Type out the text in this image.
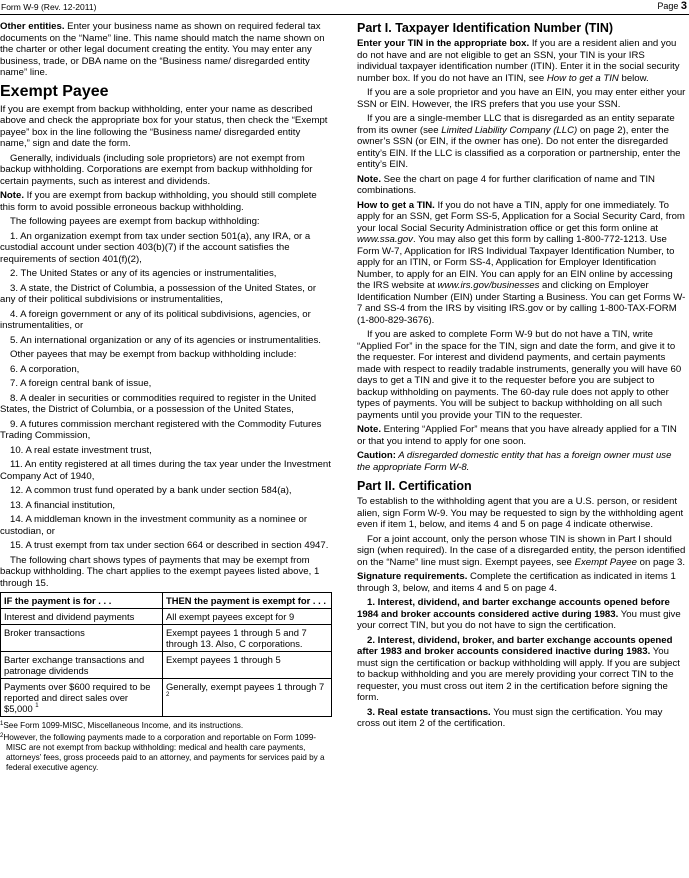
Form W-9 (Rev. 12-2011)	Page 3

Other entities. Enter your business name as shown on required federal tax documents on the “Name” line. This name should match the name shown on the charter or other legal document creating the entity. You may enter any business, trade, or DBA name on the “Business name/ disregarded entity name” line.

Exempt Payee

If you are exempt from backup withholding, enter your name as described above and check the appropriate box for your status, then check the “Exempt payee” box in the line following the “Business name/ disregarded entity name,” sign and date the form.

Generally, individuals (including sole proprietors) are not exempt from backup withholding. Corporations are exempt from backup withholding for certain payments, such as interest and dividends.

Note. If you are exempt from backup withholding, you should still complete this form to avoid possible erroneous backup withholding.

The following payees are exempt from backup withholding:

1. An organization exempt from tax under section 501(a), any IRA, or a custodial account under section 403(b)(7) if the account satisfies the requirements of section 401(f)(2),

2. The United States or any of its agencies or instrumentalities,

3. A state, the District of Columbia, a possession of the United States, or any of their political subdivisions or instrumentalities,

4. A foreign government or any of its political subdivisions, agencies, or instrumentalities, or

5. An international organization or any of its agencies or instrumentalities.

Other payees that may be exempt from backup withholding include:

6. A corporation,

7. A foreign central bank of issue,

8. A dealer in securities or commodities required to register in the United States, the District of Columbia, or a possession of the United States,

9. A futures commission merchant registered with the Commodity Futures Trading Commission,

10. A real estate investment trust,

11. An entity registered at all times during the tax year under the Investment Company Act of 1940,

12. A common trust fund operated by a bank under section 584(a),

13. A financial institution,

14. A middleman known in the investment community as a nominee or custodian, or

15. A trust exempt from tax under section 664 or described in section 4947.

The following chart shows types of payments that may be exempt from backup withholding. The chart applies to the exempt payees listed above, 1 through 15.

IF the payment is for . . .	THEN the payment is exempt for . . .
Interest and dividend payments	All exempt payees except for 9
Broker transactions	Exempt payees 1 through 5 and 7 through 13. Also, C corporations.
Barter exchange transactions and patronage dividends	Exempt payees 1 through 5
Payments over $600 required to be reported and direct sales over $5,000 $^1$	Generally, exempt payees 1 through 7 $^2$

$^1$See Form 1099-MISC, Miscellaneous Income, and its instructions.

$^2$However, the following payments made to a corporation and reportable on Form 1099-MISC are not exempt from backup withholding: medical and health care payments, attorneys’ fees, gross proceeds paid to an attorney, and payments for services paid by a federal executive agency.

Part I. Taxpayer Identification Number (TIN)

Enter your TIN in the appropriate box. If you are a resident alien and you do not have and are not eligible to get an SSN, your TIN is your IRS individual taxpayer identification number (ITIN). Enter it in the social security number box. If you do not have an ITIN, see How to get a TIN below.

If you are a sole proprietor and you have an EIN, you may enter either your SSN or EIN. However, the IRS prefers that you use your SSN.

If you are a single-member LLC that is disregarded as an entity separate from its owner (see Limited Liability Company (LLC) on page 2), enter the owner’s SSN (or EIN, if the owner has one). Do not enter the disregarded entity’s EIN. If the LLC is classified as a corporation or partnership, enter the entity’s EIN.

Note. See the chart on page 4 for further clarification of name and TIN combinations.

How to get a TIN. If you do not have a TIN, apply for one immediately. To apply for an SSN, get Form SS-5, Application for a Social Security Card, from your local Social Security Administration office or get this form online at www.ssa.gov. You may also get this form by calling 1-800-772-1213. Use Form W-7, Application for IRS Individual Taxpayer Identification Number, to apply for an ITIN, or Form SS-4, Application for Employer Identification Number, to apply for an EIN. You can apply for an EIN online by accessing the IRS website at www.irs.gov/businesses and clicking on Employer Identification Number (EIN) under Starting a Business. You can get Forms W-7 and SS-4 from the IRS by visiting IRS.gov or by calling 1-800-TAX-FORM (1-800-829-3676).

If you are asked to complete Form W-9 but do not have a TIN, write “Applied For” in the space for the TIN, sign and date the form, and give it to the requester. For interest and dividend payments, and certain payments made with respect to readily tradable instruments, generally you will have 60 days to get a TIN and give it to the requester before you are subject to backup withholding on payments. The 60-day rule does not apply to other types of payments. You will be subject to backup withholding on all such payments until you provide your TIN to the requester.

Note. Entering “Applied For” means that you have already applied for a TIN or that you intend to apply for one soon.

Caution: A disregarded domestic entity that has a foreign owner must use the appropriate Form W-8.

Part II. Certification

To establish to the withholding agent that you are a U.S. person, or resident alien, sign Form W-9. You may be requested to sign by the withholding agent even if item 1, below, and items 4 and 5 on page 4 indicate otherwise.

For a joint account, only the person whose TIN is shown in Part I should sign (when required). In the case of a disregarded entity, the person identified on the “Name” line must sign. Exempt payees, see Exempt Payee on page 3.

Signature requirements. Complete the certification as indicated in items 1 through 3, below, and items 4 and 5 on page 4.

1. Interest, dividend, and barter exchange accounts opened before 1984 and broker accounts considered active during 1983. You must give your correct TIN, but you do not have to sign the certification.

2. Interest, dividend, broker, and barter exchange accounts opened after 1983 and broker accounts considered inactive during 1983. You must sign the certification or backup withholding will apply. If you are subject to backup withholding and you are merely providing your correct TIN to the requester, you must cross out item 2 in the certification before signing the form.

3. Real estate transactions. You must sign the certification. You may cross out item 2 of the certification.
